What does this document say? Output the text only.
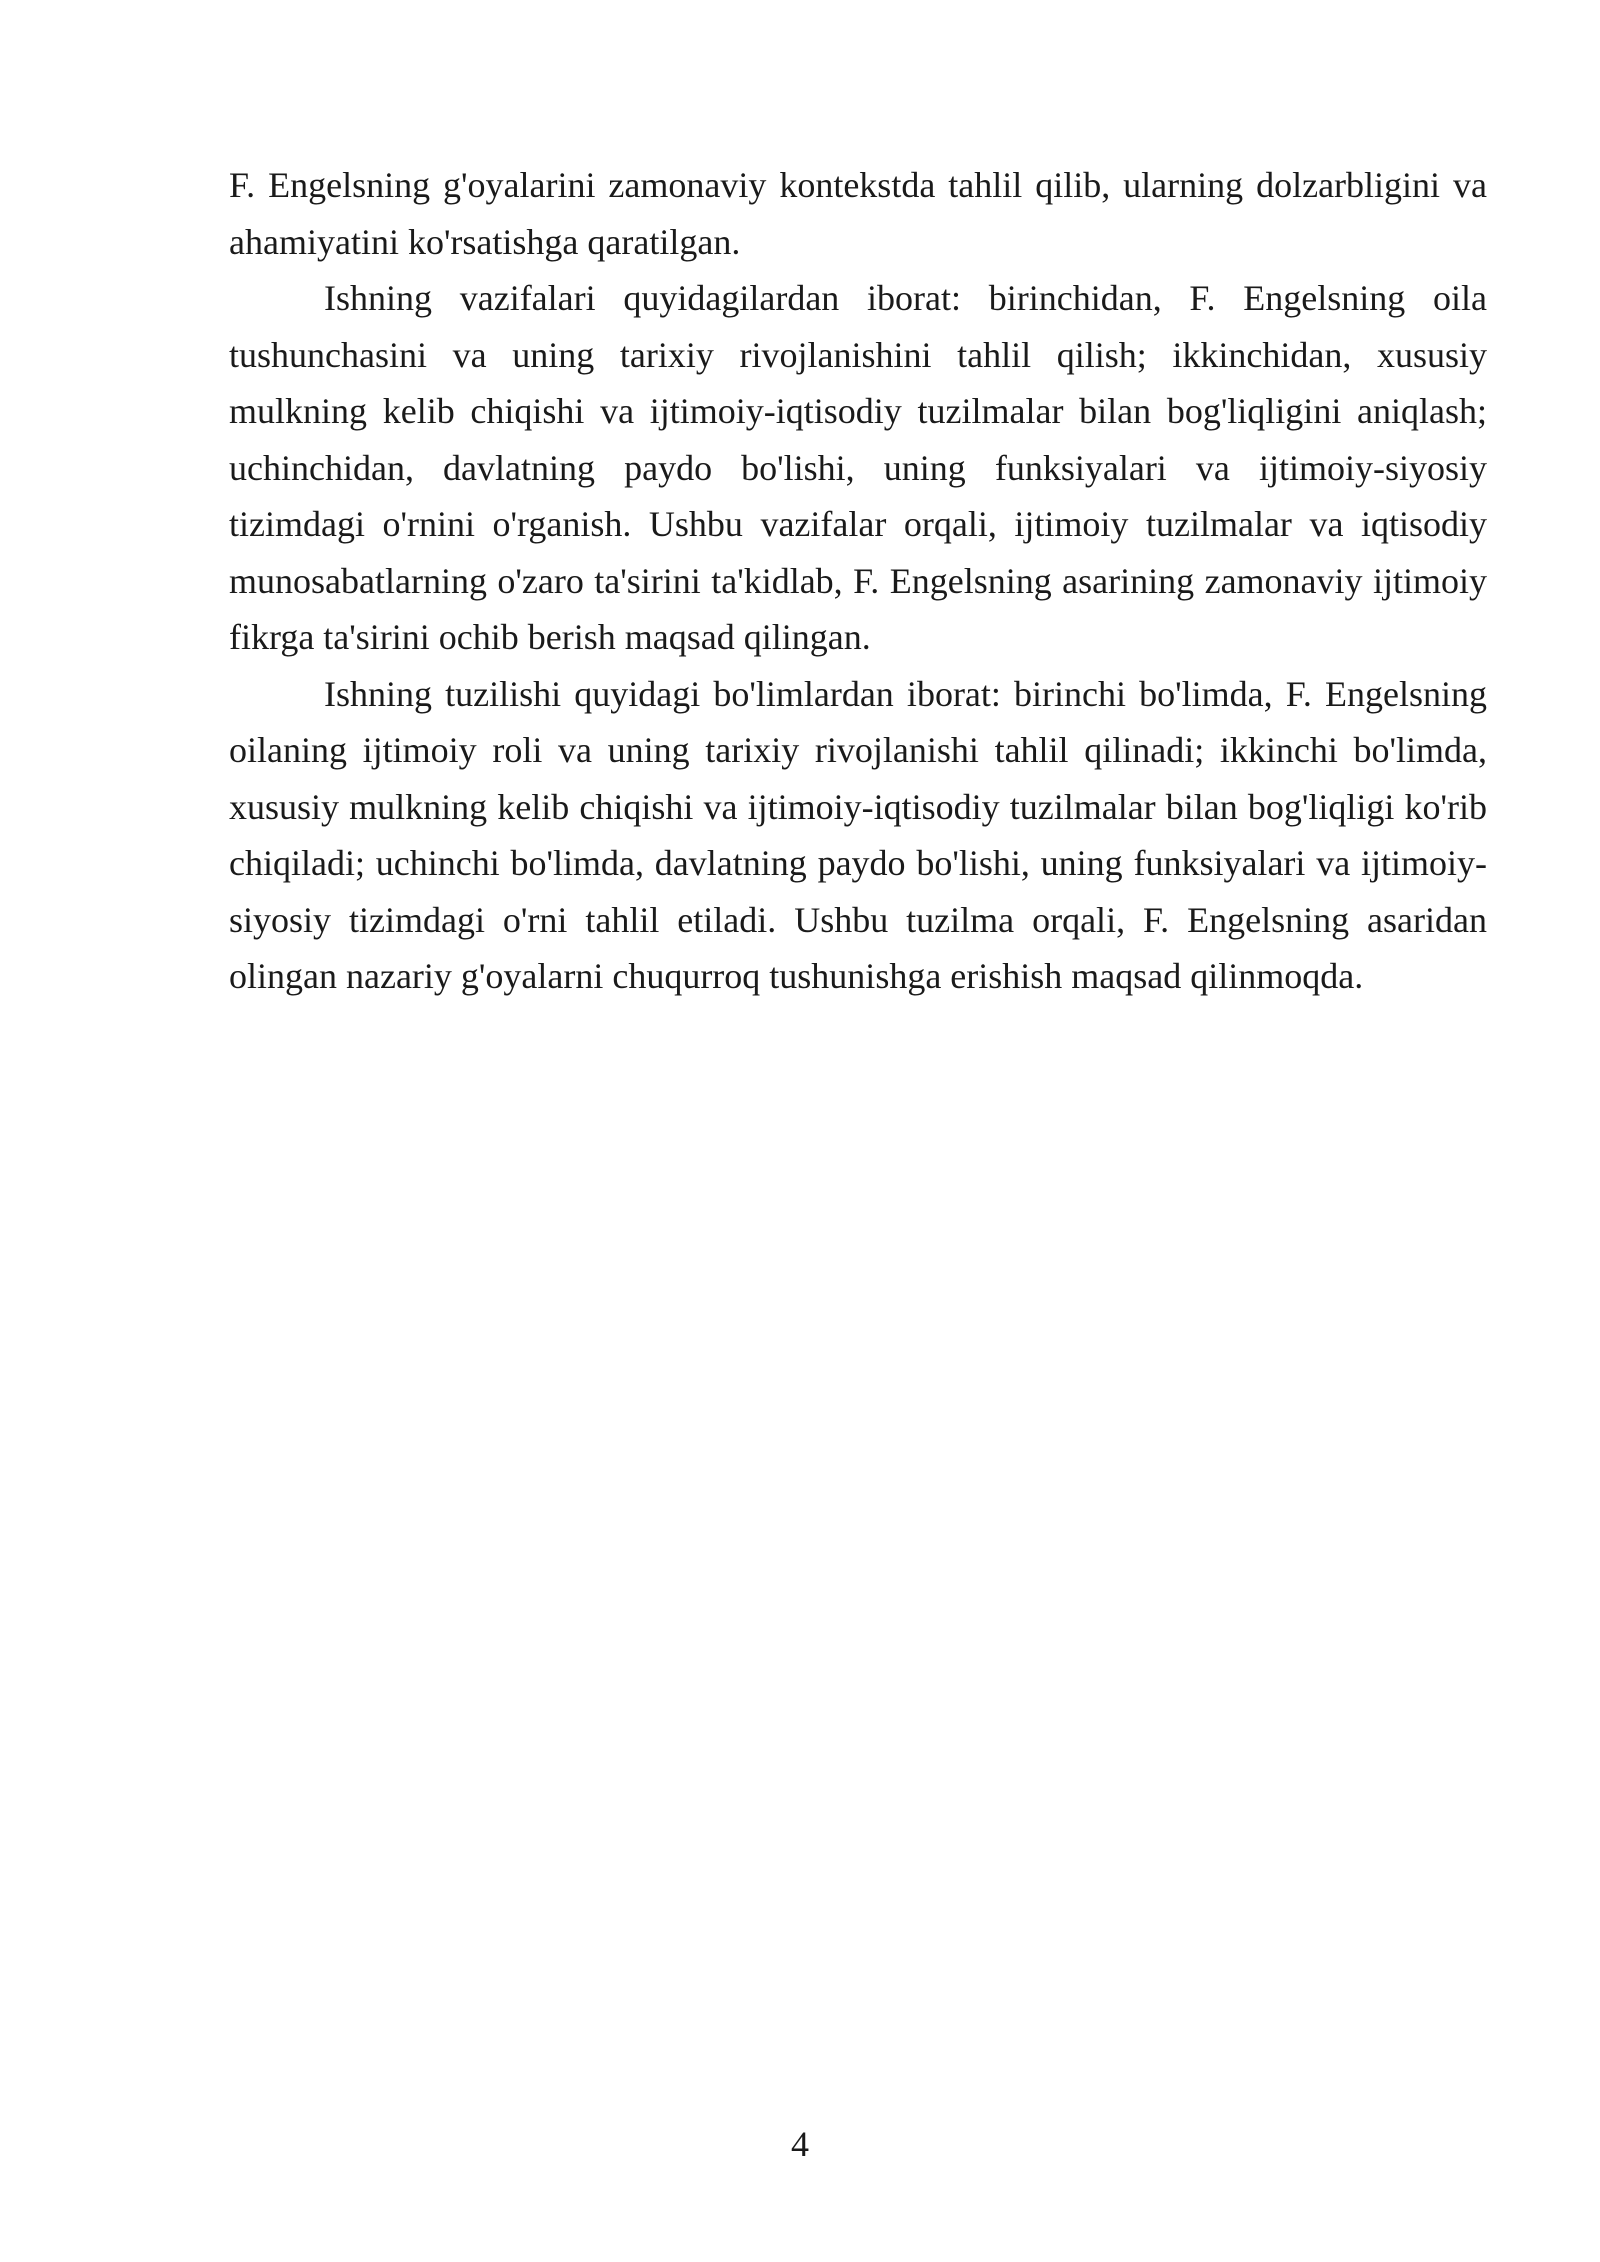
F. Engelsning g'oyalarini zamonaviy kontekstda tahlil qilib, ularning dolzarbligini va ahamiyatini ko'rsatishga qaratilgan.

Ishning vazifalari quyidagilardan iborat: birinchidan, F. Engelsning oila tushunchasini va uning tarixiy rivojlanishini tahlil qilish; ikkinchidan, xususiy mulkning kelib chiqishi va ijtimoiy-iqtisodiy tuzilmalar bilan bog'liqligini aniqlash; uchinchidan, davlatning paydo bo'lishi, uning funksiyalari va ijtimoiy-siyosiy tizimdagi o'rnini o'rganish. Ushbu vazifalar orqali, ijtimoiy tuzilmalar va iqtisodiy munosabatlarning o'zaro ta'sirini ta'kidlab, F. Engelsning asarining zamonaviy ijtimoiy fikrga ta'sirini ochib berish maqsad qilingan.

Ishning tuzilishi quyidagi bo'limlardan iborat: birinchi bo'limda, F. Engelsning oilaning ijtimoiy roli va uning tarixiy rivojlanishi tahlil qilinadi; ikkinchi bo'limda, xususiy mulkning kelib chiqishi va ijtimoiy-iqtisodiy tuzilmalar bilan bog'liqligi ko'rib chiqiladi; uchinchi bo'limda, davlatning paydo bo'lishi, uning funksiyalari va ijtimoiy-siyosiy tizimdagi o'rni tahlil etiladi. Ushbu tuzilma orqali, F. Engelsning asaridan olingan nazariy g'oyalarni chuqurroq tushunishga erishish maqsad qilinmoqda.

4
